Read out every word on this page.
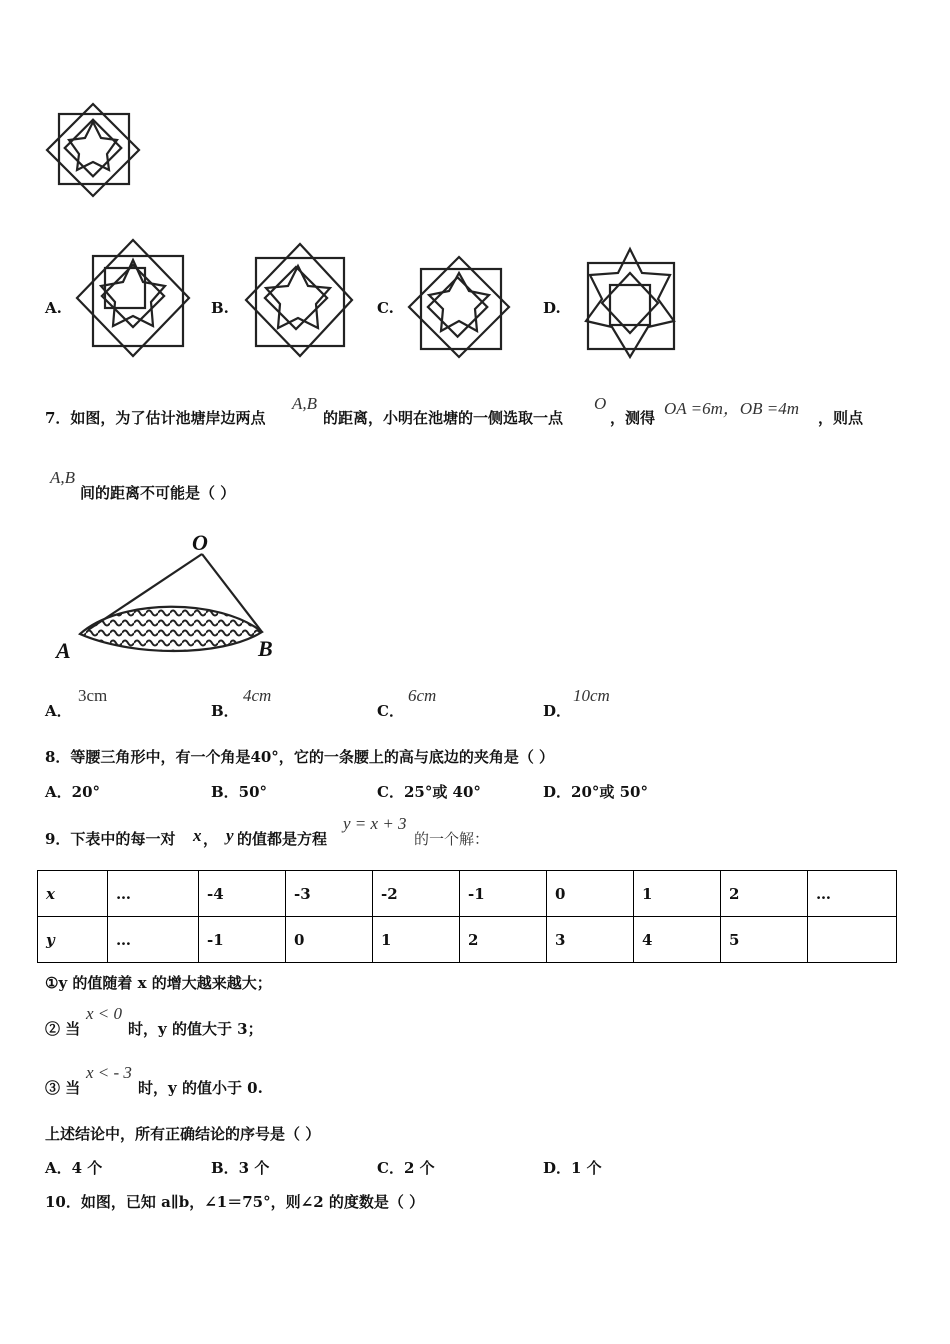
A.	B.	C.	D.
7．如图，为了估计池塘岸边两点
A,B
的距离，小明在池塘的一侧选取一点
O
，测得 OA =6m，OB =4m ，则点
A,B
间的距离不可能是（ ）
O
A	B
A．
3cm
B．
4cm
C．
6cm
D．
10cm
8．等腰三角形中，有一个角是40°，它的一条腰上的高与底边的夹角是（ ）
A．20°	B．50°	C．25°或 40°	D．20°或 50°
9．下表中的每一对 x ， y 的值都是方程
y = x + 3
的一个解：
x	…	-4	-3	-2	-1	0	1	2	…
y	…	-1	0	1	2	3	4	5	
①y 的值随着 x 的增大越来越大；
② 当
x < 0
时，y 的值大于 3；
③ 当
x < - 3
时，y 的值小于 0.
上述结论中，所有正确结论的序号是（ ）
A．4 个	B．3 个	C．2 个	D．1 个
10．如图，已知 a∥b，∠1＝75°，则∠2 的度数是（ ）
